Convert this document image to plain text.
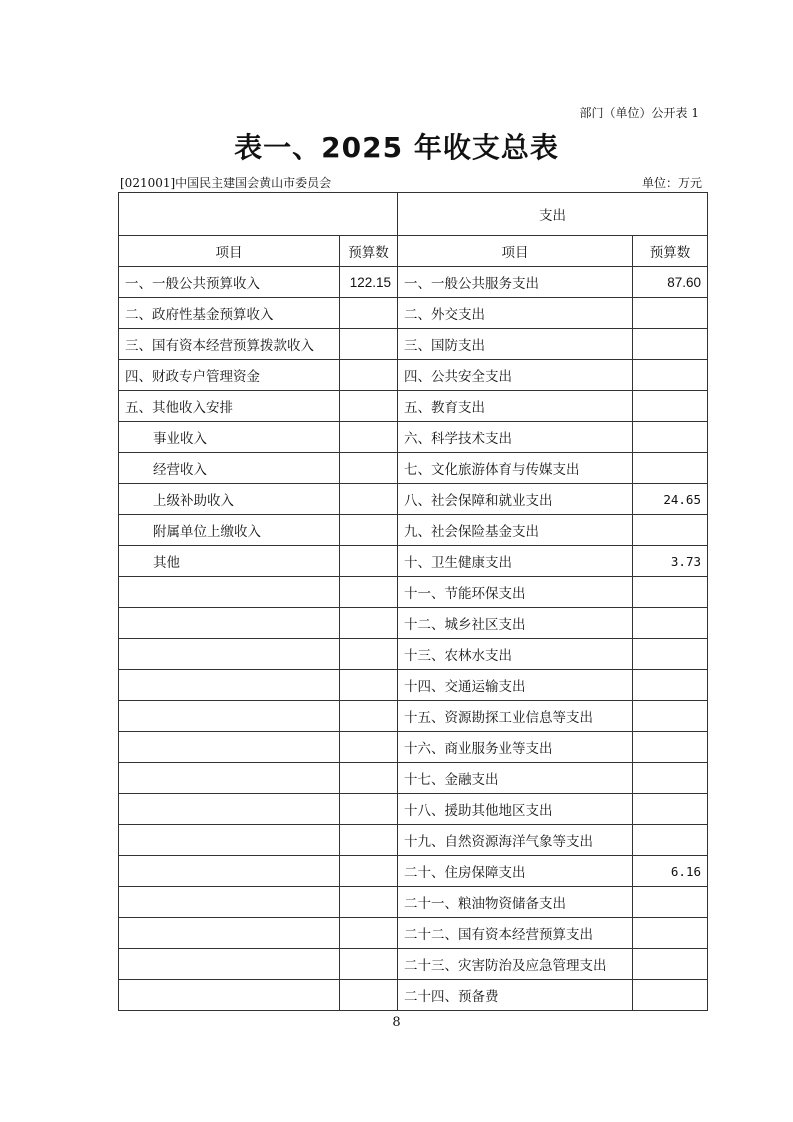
部门（单位）公开表 1
表一、2025 年收支总表
[021001]中国民主建国会黄山市委员会	单位：万元
		支出	
项目	预算数	项目	预算数
一、一般公共预算收入	122.15	一、一般公共服务支出	87.60
二、政府性基金预算收入		二、外交支出	
三、国有资本经营预算拨款收入		三、国防支出	
四、财政专户管理资金		四、公共安全支出	
五、其他收入安排		五、教育支出	
事业收入		六、科学技术支出	
经营收入		七、文化旅游体育与传媒支出	
上级补助收入		八、社会保障和就业支出	24.65
附属单位上缴收入		九、社会保险基金支出	
其他		十、卫生健康支出	3.73
		十一、节能环保支出	
		十二、城乡社区支出	
		十三、农林水支出	
		十四、交通运输支出	
		十五、资源勘探工业信息等支出	
		十六、商业服务业等支出	
		十七、金融支出	
		十八、援助其他地区支出	
		十九、自然资源海洋气象等支出	
		二十、住房保障支出	6.16
		二十一、粮油物资储备支出	
		二十二、国有资本经营预算支出	
		二十三、灾害防治及应急管理支出	
		二十四、预备费	
8
